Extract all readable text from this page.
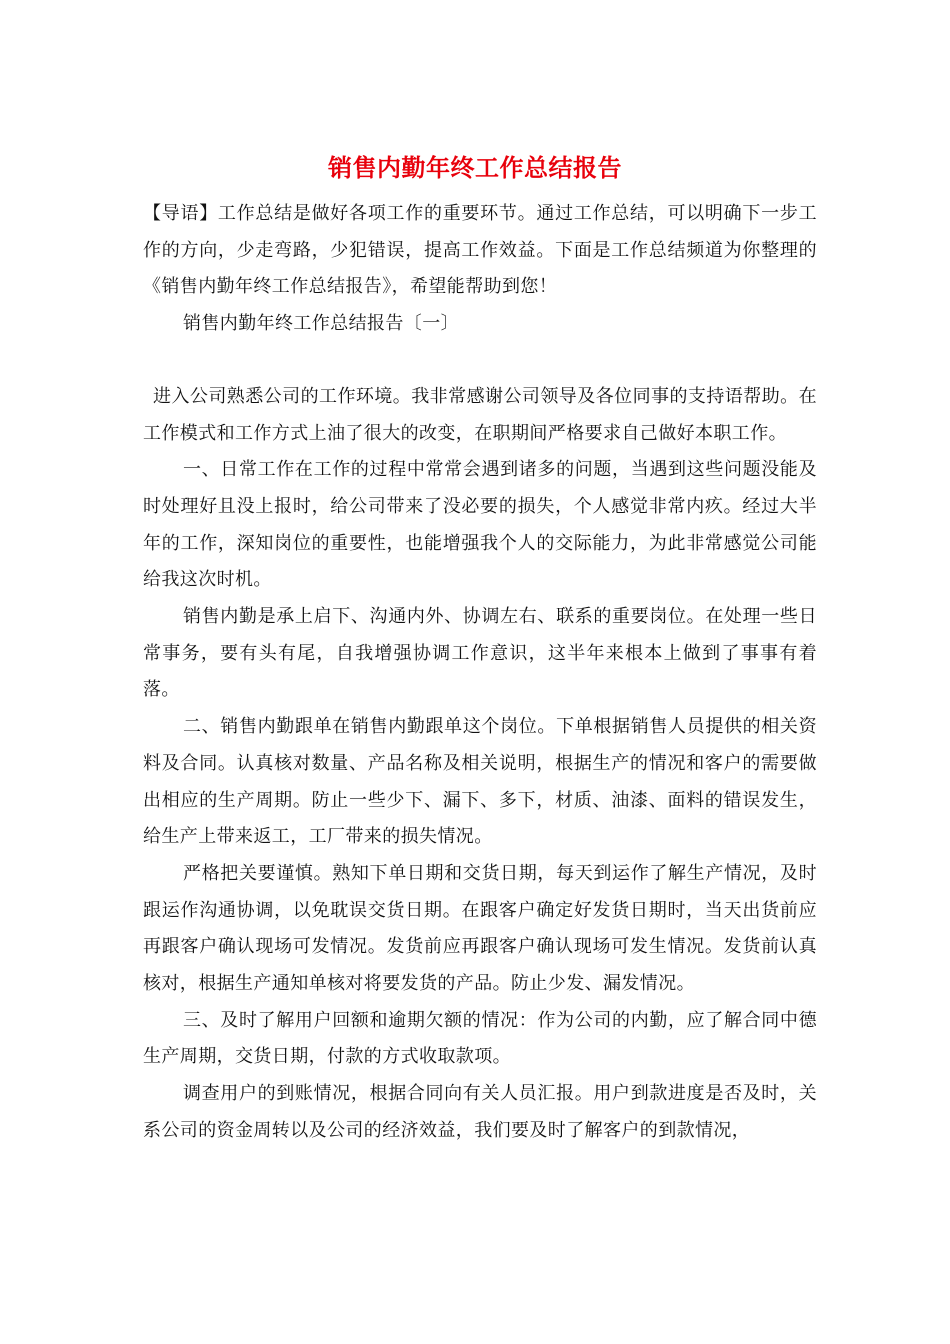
销售内勤年终工作总结报告

【导语】工作总结是做好各项工作的重要环节。通过工作总结，可以明确下一步工作的方向，少走弯路，少犯错误，提高工作效益。下面是工作总结频道为你整理的《销售内勤年终工作总结报告》，希望能帮助到您！

销售内勤年终工作总结报告〔一〕

进入公司熟悉公司的工作环境。我非常感谢公司领导及各位同事的支持语帮助。在工作模式和工作方式上油了很大的改变，在职期间严格要求自己做好本职工作。

一、日常工作在工作的过程中常常会遇到诸多的问题，当遇到这些问题没能及时处理好且没上报时，给公司带来了没必要的损失，个人感觉非常内疚。经过大半年的工作，深知岗位的重要性，也能增强我个人的交际能力，为此非常感觉公司能给我这次时机。

销售内勤是承上启下、沟通内外、协调左右、联系的重要岗位。在处理一些日常事务，要有头有尾，自我增强协调工作意识，这半年来根本上做到了事事有着落。

二、销售内勤跟单在销售内勤跟单这个岗位。下单根据销售人员提供的相关资料及合同。认真核对数量、产品名称及相关说明，根据生产的情况和客户的需要做出相应的生产周期。防止一些少下、漏下、多下，材质、油漆、面料的错误发生，给生产上带来返工，工厂带来的损失情况。

严格把关要谨慎。熟知下单日期和交货日期，每天到运作了解生产情况，及时跟运作沟通协调，以免耽误交货日期。在跟客户确定好发货日期时，当天出货前应再跟客户确认现场可发情况。发货前应再跟客户确认现场可发生情况。发货前认真核对，根据生产通知单核对将要发货的产品。防止少发、漏发情况。

三、及时了解用户回额和逾期欠额的情况：作为公司的内勤，应了解合同中德生产周期，交货日期，付款的方式收取款项。

调查用户的到账情况，根据合同向有关人员汇报。用户到款进度是否及时，关系公司的资金周转以及公司的经济效益，我们要及时了解客户的到款情况，
